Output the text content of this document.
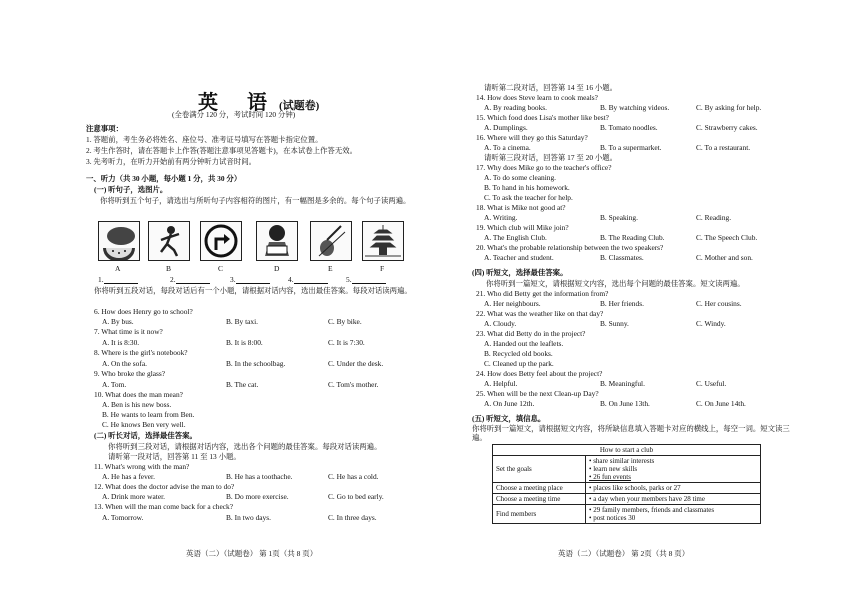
英 语(试题卷)
(全卷满分 120 分，考试时间 120 分钟)
注意事项：
1. 答题前，考生务必将姓名、座位号、准考证号填写在答题卡指定位置。
2. 考生作答时，请在答题卡上作答(答题注意事项见答题卡)，在本试卷上作答无效。
3. 先考听力，在听力开始前有两分钟听力试音时间。
一、听力（共 30 小题，每小题 1 分，共 30 分）
(一) 听句子，选图片。
你将听到五个句子，请选出与所听句子内容相符的图片，有一幅图是多余的。每个句子读两遍。
A	B	C	D	E	F
1.	2.	3.	4.	5.
你将听到五段对话，每段对话后有一个小题，请根据对话内容，选出最佳答案。每段对话读两遍。
6. How does Henry go to school?
A. By bus.	B. By taxi.	C. By bike.
7. What time is it now?
A. It is 8:30.	B. It is 8:00.	C. It is 7:30.
8. Where is the girl's notebook?
A. On the sofa.	B. In the schoolbag.	C. Under the desk.
9. Who broke the glass?
A. Tom.	B. The cat.	C. Tom's mother.
10. What does the man mean?
A. Ben is his new boss.
B. He wants to learn from Ben.
C. He knows Ben very well.
(二) 听长对话，选择最佳答案。
你将听到三段对话，请根据对话内容，选出各个问题的最佳答案。每段对话读两遍。
请听第一段对话，回答第 11 至 13 小题。
11. What's wrong with the man?
A. He has a fever.	B. He has a toothache.	C. He has a cold.
12. What does the doctor advise the man to do?
A. Drink more water.	B. Do more exercise.	C. Go to bed early.
13. When will the man come back for a check?
A. Tomorrow.	B. In two days.	C. In three days.
英语（二）（试题卷） 第 1页（共 8 页）
请听第二段对话，回答第 14 至 16 小题。
14. How does Steve learn to cook meals?
A. By reading books.	B. By watching videos.	C. By asking for help.
15. Which food does Lisa's mother like best?
A. Dumplings.	B. Tomato noodles.	C. Strawberry cakes.
16. Where will they go this Saturday?
A. To a cinema.	B. To a supermarket.	C. To a restaurant.
请听第三段对话，回答第 17 至 20 小题。
17. Why does Mike go to the teacher's office?
A. To do some cleaning.
B. To hand in his homework.
C. To ask the teacher for help.
18. What is Mike not good at?
A. Writing.	B. Speaking.	C. Reading.
19. Which club will Mike join?
A. The English Club.	B. The Reading Club.	C. The Speech Club.
20. What's the probable relationship between the two speakers?
A. Teacher and student.	B. Classmates.	C. Mother and son.
(四) 听短文，选择最佳答案。
你将听到一篇短文，请根据短文内容，选出每个问题的最佳答案。短文读两遍。
21. Who did Betty get the information from?
A. Her neighbours.	B. Her friends.	C. Her cousins.
22. What was the weather like on that day?
A. Cloudy.	B. Sunny.	C. Windy.
23. What did Betty do in the project?
A. Handed out the leaflets.
B. Recycled old books.
C. Cleaned up the park.
24. How does Betty feel about the project?
A. Helpful.	B. Meaningful.	C. Useful.
25. When will be the next Clean-up Day?
A. On June 12th.	B. On June 13th.	C. On June 14th.
(五) 听短文，填信息。
你将听到一篇短文，请根据短文内容，将所缺信息填入答题卡对应的横线上，每空一词。短文读三遍。
How to start a club	
Set the goals	• share similar interests
• learn new skills
• 26 fun events

Choose a meeting place	• places like schools, parks or 27
Choose a meeting time	• a day when your members have 28 time
Find members	• 29 family members, friends and classmates
• post notices 30
英语（二）（试题卷） 第 2页（共 8 页）
